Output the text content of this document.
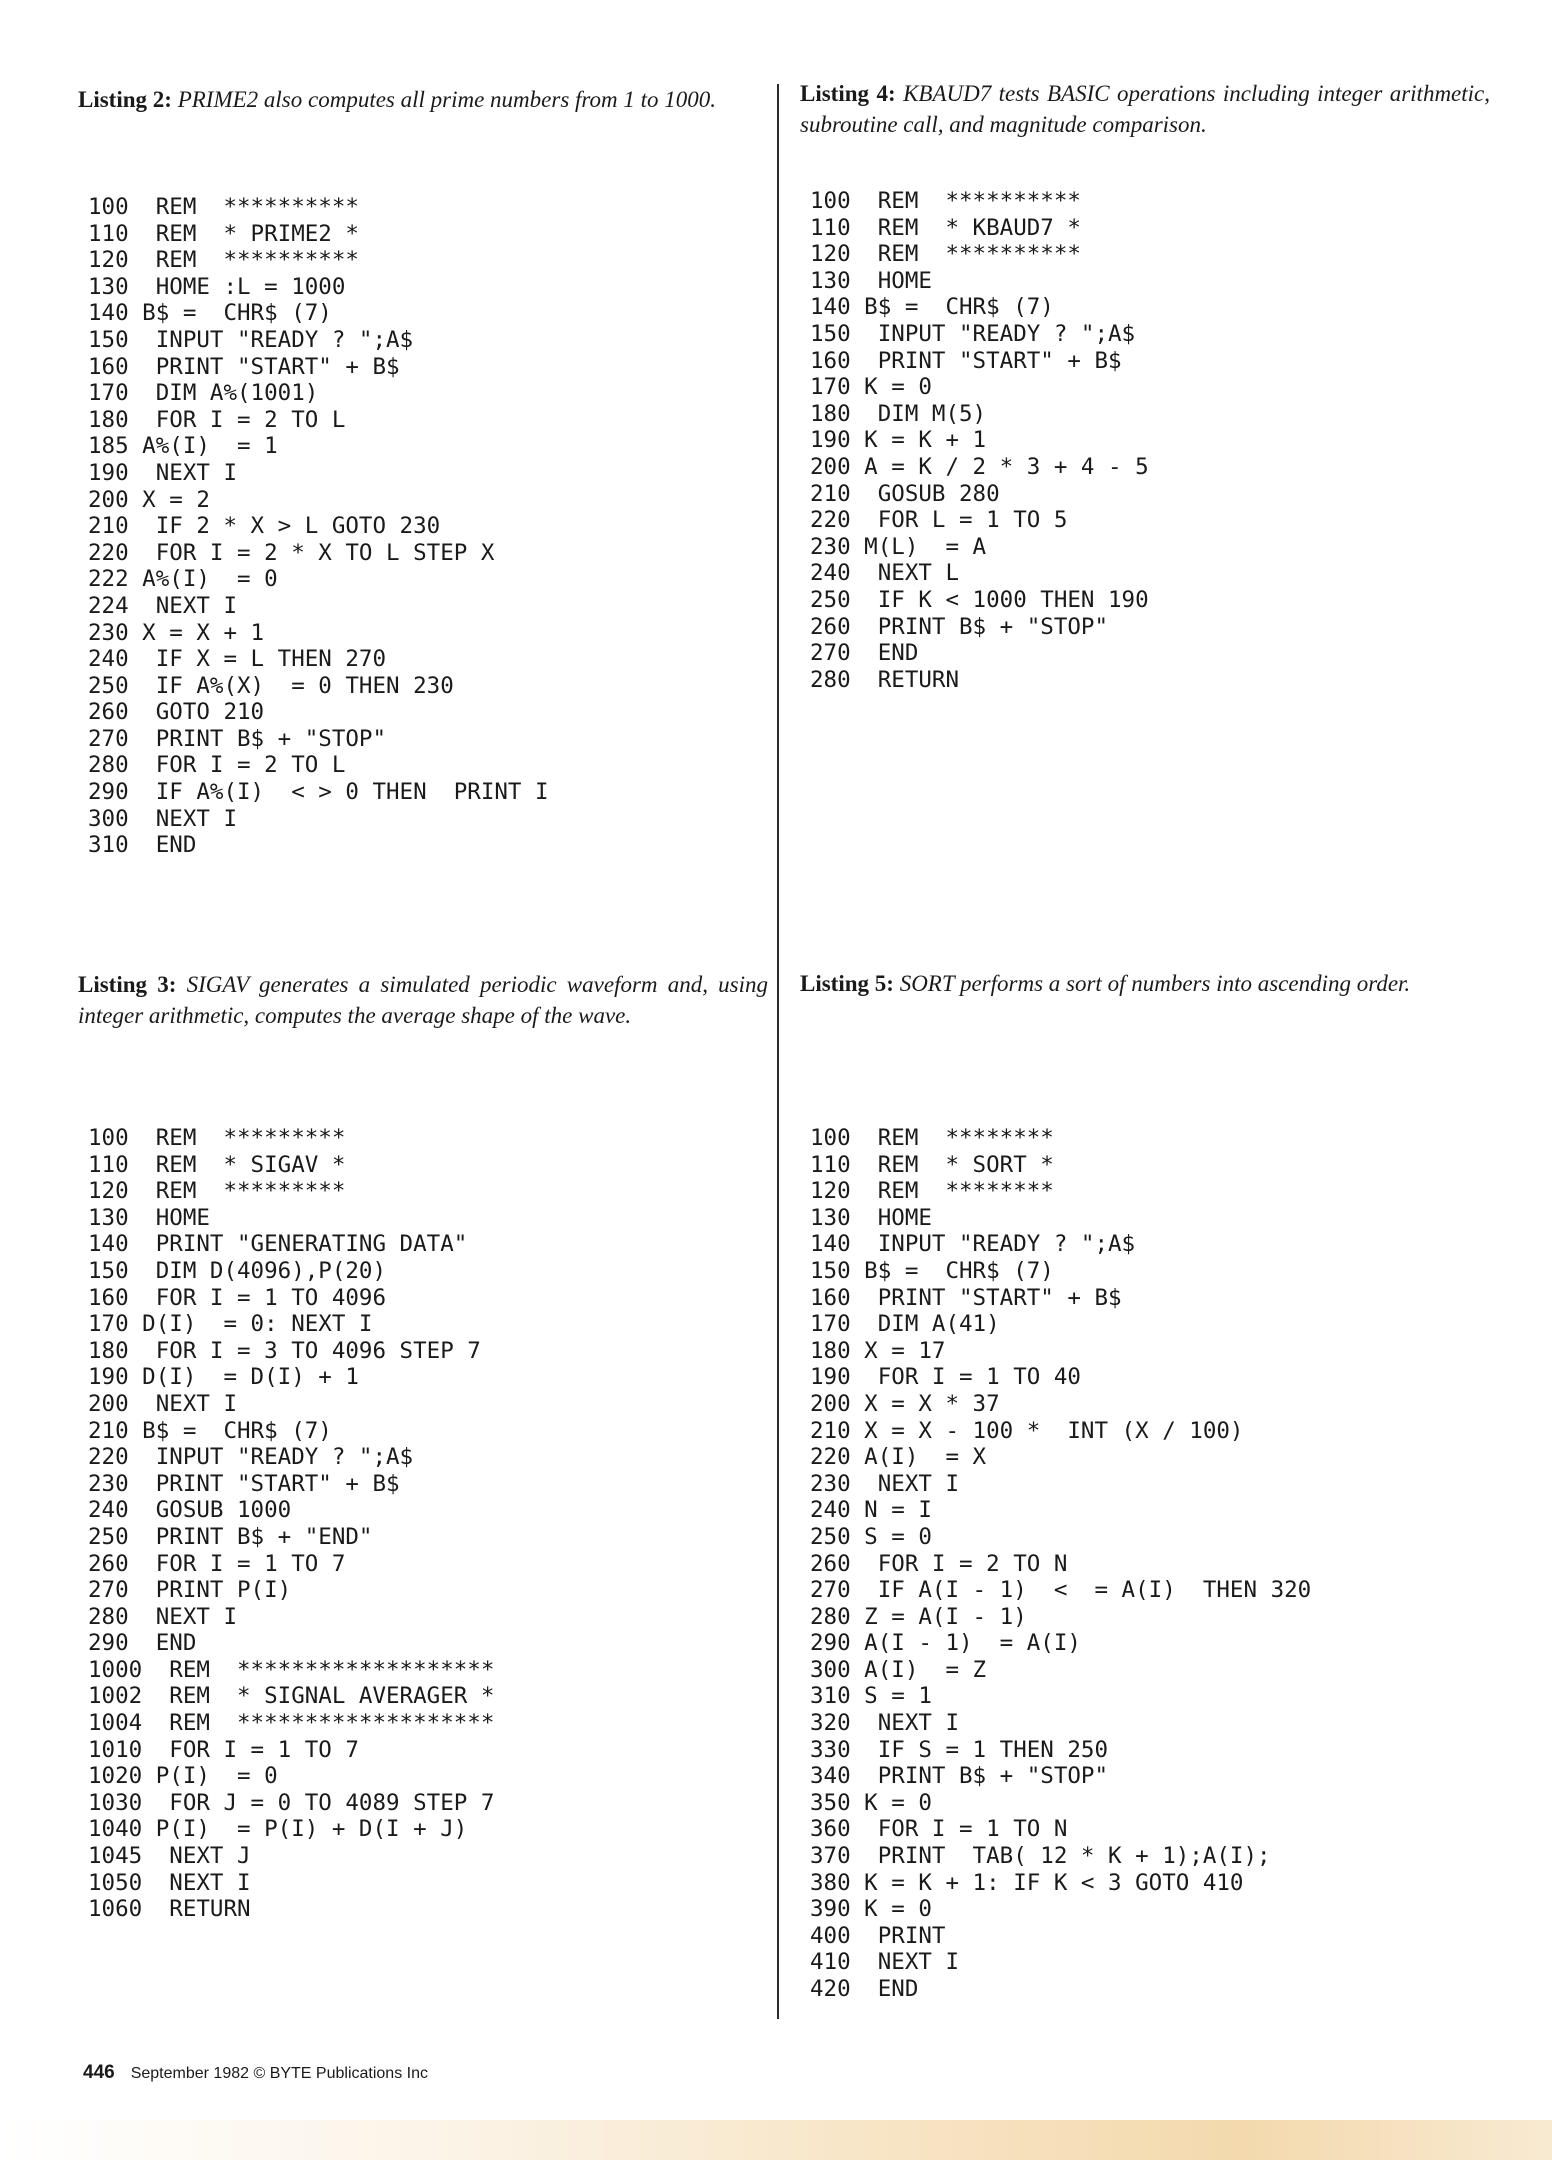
Listing 2: PRIME2 also computes all prime numbers from 1 to 1000.

100  REM  **********
110  REM  * PRIME2 *
120  REM  **********
130  HOME :L = 1000
140 B$ =  CHR$ (7)
150  INPUT "READY ? ";A$
160  PRINT "START" + B$
170  DIM A%(1001)
180  FOR I = 2 TO L
185 A%(I)  = 1
190  NEXT I
200 X = 2
210  IF 2 * X > L GOTO 230
220  FOR I = 2 * X TO L STEP X
222 A%(I)  = 0
224  NEXT I
230 X = X + 1
240  IF X = L THEN 270
250  IF A%(X)  = 0 THEN 230
260  GOTO 210
270  PRINT B$ + "STOP"
280  FOR I = 2 TO L
290  IF A%(I)  < > 0 THEN  PRINT I
300  NEXT I
310  END

Listing 3: SIGAV generates a simulated periodic waveform and, using integer arithmetic, computes the average shape of the wave.

100  REM  *********
110  REM  * SIGAV *
120  REM  *********
130  HOME
140  PRINT "GENERATING DATA"
150  DIM D(4096),P(20)
160  FOR I = 1 TO 4096
170 D(I)  = 0: NEXT I
180  FOR I = 3 TO 4096 STEP 7
190 D(I)  = D(I) + 1
200  NEXT I
210 B$ =  CHR$ (7)
220  INPUT "READY ? ";A$
230  PRINT "START" + B$
240  GOSUB 1000
250  PRINT B$ + "END"
260  FOR I = 1 TO 7
270  PRINT P(I)
280  NEXT I
290  END
1000  REM  *******************
1002  REM  * SIGNAL AVERAGER *
1004  REM  *******************
1010  FOR I = 1 TO 7
1020 P(I)  = 0
1030  FOR J = 0 TO 4089 STEP 7
1040 P(I)  = P(I) + D(I + J)
1045  NEXT J
1050  NEXT I
1060  RETURN

Listing 4: KBAUD7 tests BASIC operations including integer arithmetic, subroutine call, and magnitude comparison.

100  REM  **********
110  REM  * KBAUD7 *
120  REM  **********
130  HOME
140 B$ =  CHR$ (7)
150  INPUT "READY ? ";A$
160  PRINT "START" + B$
170 K = 0
180  DIM M(5)
190 K = K + 1
200 A = K / 2 * 3 + 4 - 5
210  GOSUB 280
220  FOR L = 1 TO 5
230 M(L)  = A
240  NEXT L
250  IF K < 1000 THEN 190
260  PRINT B$ + "STOP"
270  END
280  RETURN

Listing 5: SORT performs a sort of numbers into ascending order.

100  REM  ********
110  REM  * SORT *
120  REM  ********
130  HOME
140  INPUT "READY ? ";A$
150 B$ =  CHR$ (7)
160  PRINT "START" + B$
170  DIM A(41)
180 X = 17
190  FOR I = 1 TO 40
200 X = X * 37
210 X = X - 100 *  INT (X / 100)
220 A(I)  = X
230  NEXT I
240 N = I
250 S = 0
260  FOR I = 2 TO N
270  IF A(I - 1)  <  = A(I)  THEN 320
280 Z = A(I - 1)
290 A(I - 1)  = A(I)
300 A(I)  = Z
310 S = 1
320  NEXT I
330  IF S = 1 THEN 250
340  PRINT B$ + "STOP"
350 K = 0
360  FOR I = 1 TO N
370  PRINT  TAB( 12 * K + 1);A(I);
380 K = K + 1: IF K < 3 GOTO 410
390 K = 0
400  PRINT
410  NEXT I
420  END
446 September 1982 © BYTE Publications Inc
